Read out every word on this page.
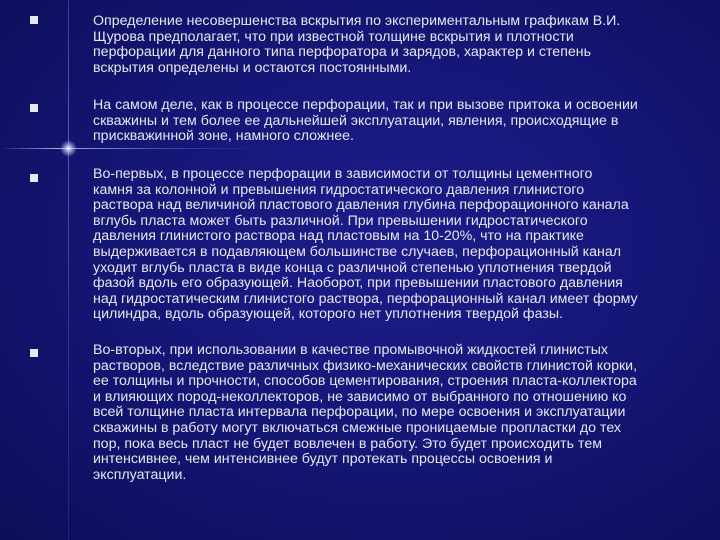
Определение несовершенства вскрытия по экспериментальным графикам В.И.
Щурова предполагает, что при известной толщине вскрытия и плотности
перфорации для данного типа перфоратора и зарядов, характер и степень
вскрытия определены и остаются постоянными.

На самом деле, как в процессе перфорации, так и при вызове притока и освоении
скважины и тем более ее дальнейшей эксплуатации, явления, происходящие в
прискважинной зоне, намного сложнее.

Во-первых, в процессе перфорации в зависимости от толщины цементного
камня за колонной и превышения гидростатического давления глинистого
раствора над величиной пластового давления глубина перфорационного канала
вглубь пласта может быть различной. При превышении гидростатического
давления глинистого раствора над пластовым на 10-20%, что на практике
выдерживается в подавляющем большинстве случаев, перфорационный канал
уходит вглубь пласта в виде конца с различной степенью уплотнения твердой
фазой вдоль его образующей. Наоборот, при превышении пластового давления
над гидростатическим глинистого раствора, перфорационный канал имеет форму
цилиндра, вдоль образующей, которого нет уплотнения твердой фазы.

Во-вторых, при использовании в качестве промывочной жидкостей глинистых
растворов, вследствие различных физико-механических свойств глинистой корки,
ее толщины и прочности, способов цементирования, строения пласта-коллектора
и влияющих пород-неколлекторов, не зависимо от выбранного по отношению ко
всей толщине пласта интервала перфорации, по мере освоения и эксплуатации
скважины в работу могут включаться смежные проницаемые пропластки до тех
пор, пока весь пласт не будет вовлечен в работу. Это будет происходить тем
интенсивнее, чем интенсивнее будут протекать процессы освоения и
эксплуатации.
